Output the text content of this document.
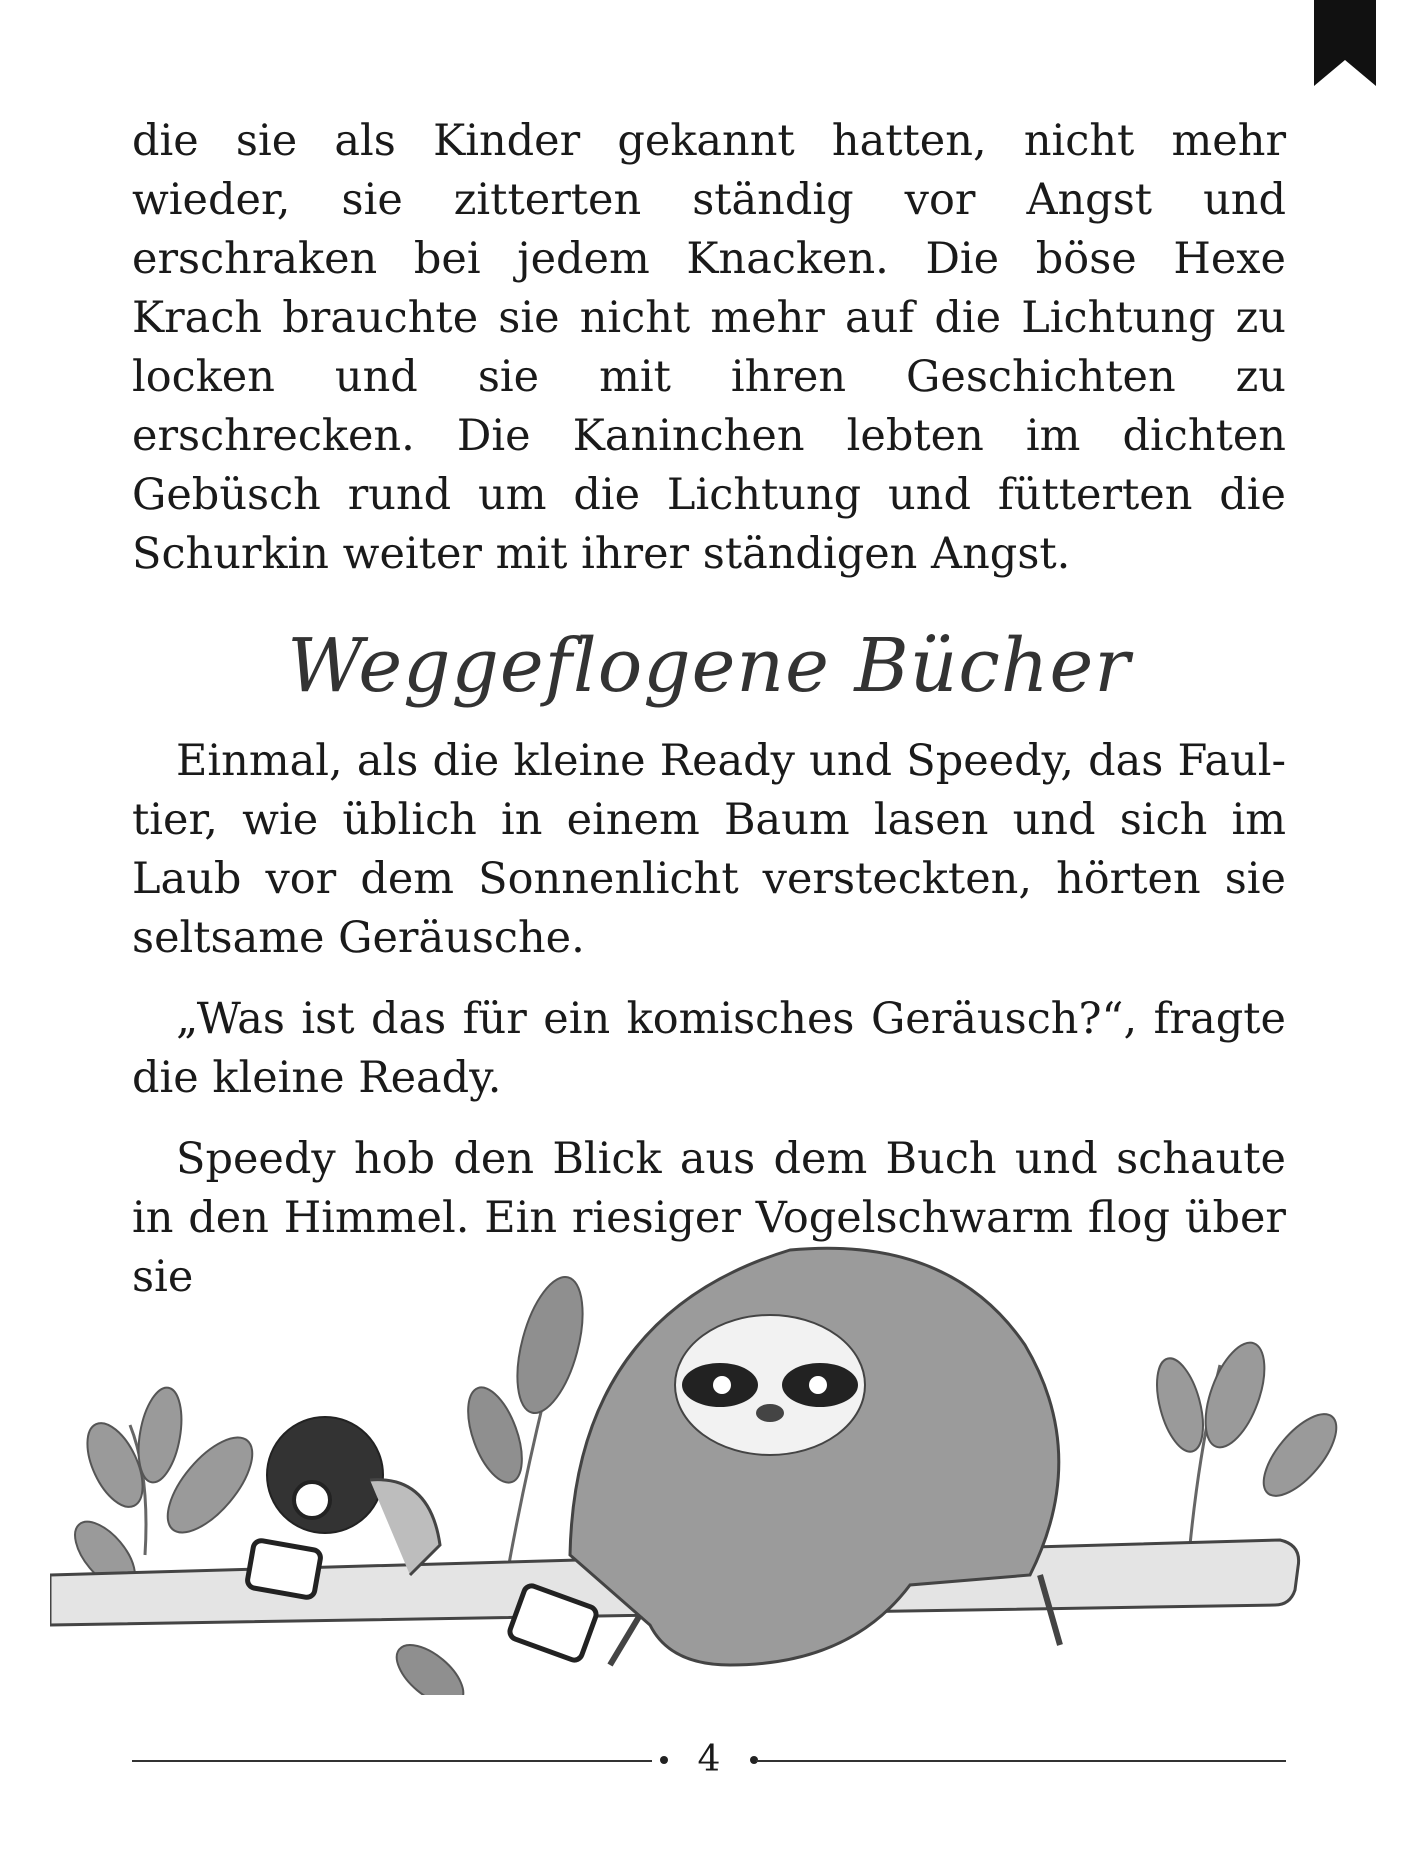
die sie als Kinder gekannt hatten, nicht mehr wieder, sie zitterten ständig vor Angst und erschraken bei jedem Knacken. Die böse Hexe Krach brauchte sie nicht mehr auf die Lichtung zu locken und sie mit ihren Geschichten zu erschrecken. Die Kaninchen lebten im dichten Gebüsch rund um die Lichtung und fütterten die Schurkin weiter mit ihrer ständigen Angst.

Weggeflogene Bücher

Einmal, als die kleine Ready und Speedy, das Faultier, wie üblich in einem Baum lasen und sich im Laub vor dem Sonnenlicht versteckten, hörten sie seltsame Geräusche.

„Was ist das für ein komisches Geräusch?“, fragte die kleine Ready.

Speedy hob den Blick aus dem Buch und schaute in den Himmel. Ein riesiger Vogelschwarm flog über sie

4
